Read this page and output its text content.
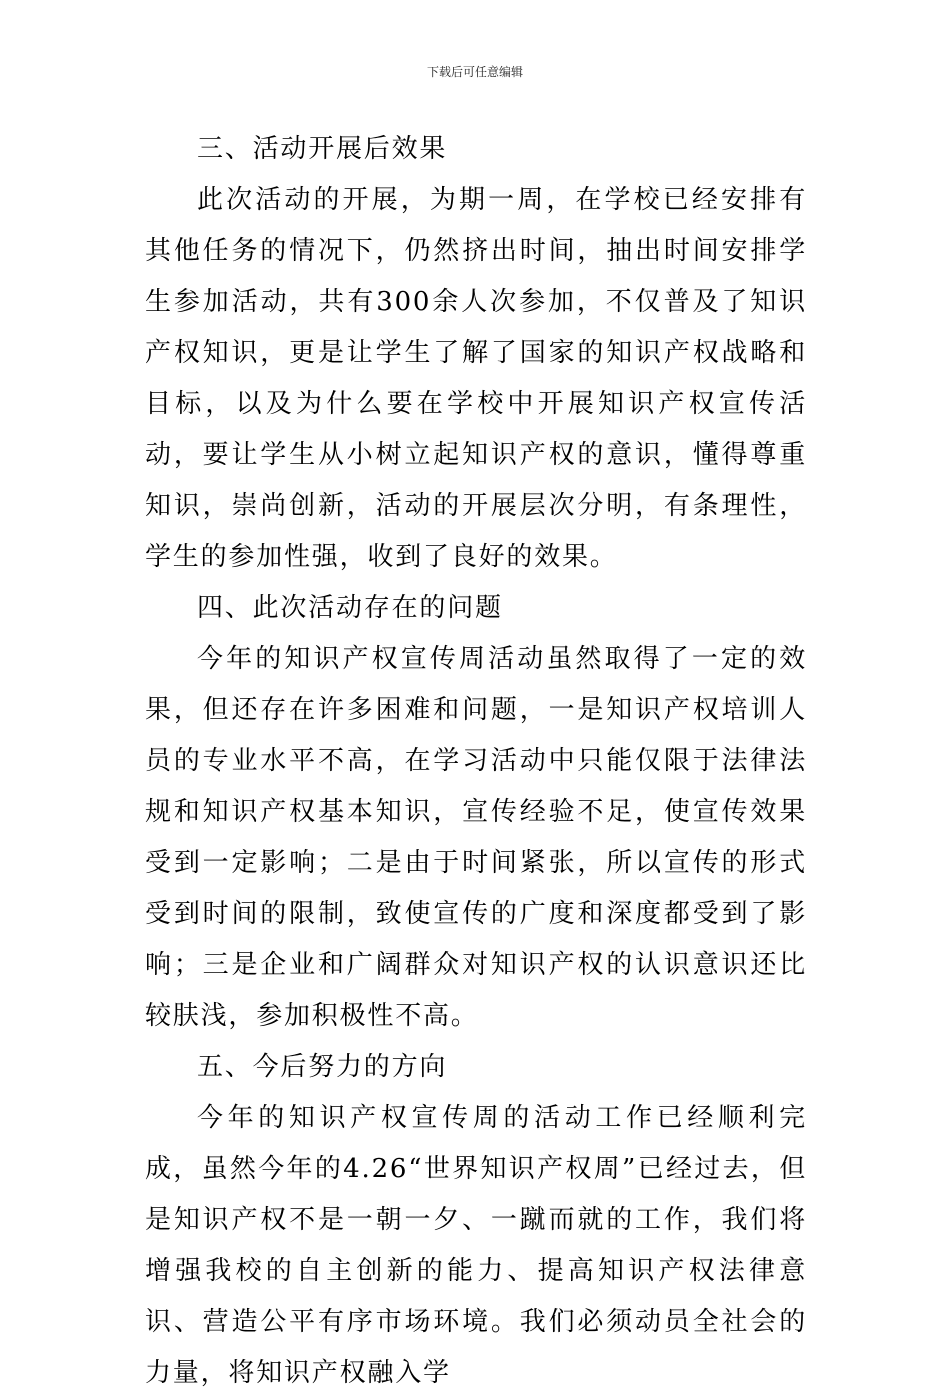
下载后可任意编辑
三、活动开展后效果

此次活动的开展，为期一周，在学校已经安排有其他任务的情况下，仍然挤出时间，抽出时间安排学生参加活动，共有300余人次参加，不仅普及了知识产权知识，更是让学生了解了国家的知识产权战略和目标，以及为什么要在学校中开展知识产权宣传活动，要让学生从小树立起知识产权的意识，懂得尊重知识，崇尚创新，活动的开展层次分明，有条理性，学生的参加性强，收到了良好的效果。

四、此次活动存在的问题

今年的知识产权宣传周活动虽然取得了一定的效果，但还存在许多困难和问题，一是知识产权培训人员的专业水平不高，在学习活动中只能仅限于法律法规和知识产权基本知识，宣传经验不足，使宣传效果受到一定影响；二是由于时间紧张，所以宣传的形式受到时间的限制，致使宣传的广度和深度都受到了影响；三是企业和广阔群众对知识产权的认识意识还比较肤浅，参加积极性不高。

五、今后努力的方向

今年的知识产权宣传周的活动工作已经顺利完成，虽然今年的4.26“世界知识产权周”已经过去，但是知识产权不是一朝一夕、一蹴而就的工作，我们将增强我校的自主创新的能力、提高知识产权法律意识、营造公平有序市场环境。我们必须动员全社会的力量，将知识产权融入学
